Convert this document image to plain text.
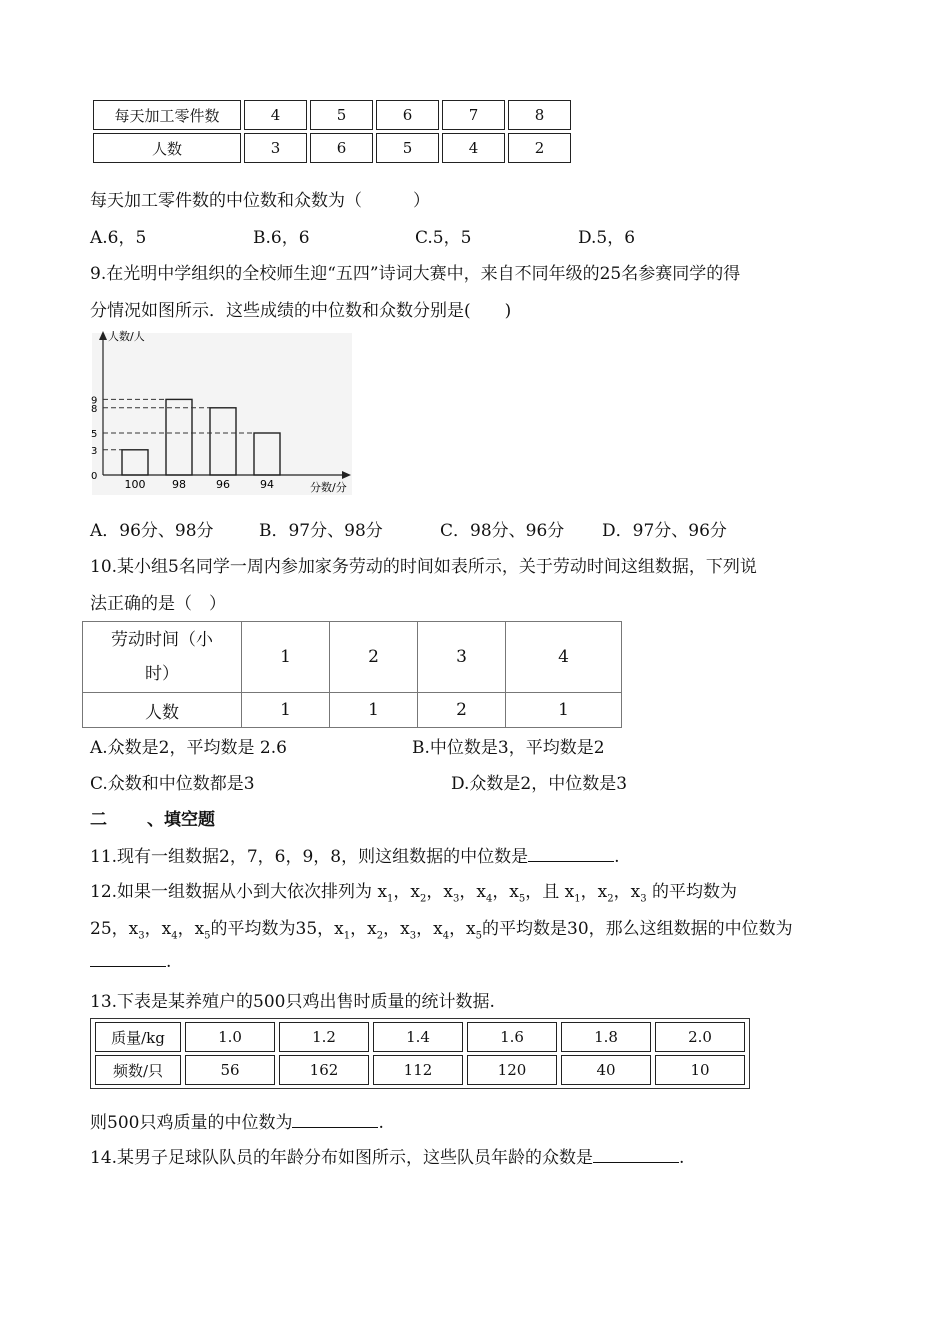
每天加工零件数	4	5	6	7	8
人数	3	6	5	4	2
每天加工零件数的中位数和众数为（　　　）
A.6，5	B.6，6	C.5，5	D.5，6
9.在光明中学组织的全校师生迎“五四”诗词大赛中，来自不同年级的25名参赛同学的得
分情况如图所示．这些成绩的中位数和众数分别是(　　)
人数/人
分数/分
0
3
5
8
9
100 98	96	94
A．96分、98分	B．97分、98分	C．98分、96分 D．97分、96分
10.某小组5名同学一周内参加家务劳动的时间如表所示，关于劳动时间这组数据，下列说
法正确的是（　）
劳动时间（小
时）	1	2	3	4
人数	1	1	2	1
A.众数是2，平均数是 2.6	B.中位数是3，平均数是2
C.众数和中位数都是3	D.众数是2，中位数是3
二 、填空题
11.现有一组数据2，7，6，9，8，则这组数据的中位数是	.
12.如果一组数据从小到大依次排列为 $x_1$，$x_2$，$x_3$，$x_4$，$x_5$，且 $x_1$，$x_2$，$x_3$ 的平均数为
25，$x_3$，$x_4$，$x_5$的平均数为35，$x_1$，$x_2$，$x_3$，$x_4$，$x_5$的平均数是30，那么这组数据的中位数为
.
13.下表是某养殖户的500只鸡出售时质量的统计数据.
质量/kg	1.0	1.2	1.4	1.6	1.8	2.0
频数/只	56	162	112	120	40	10
则500只鸡质量的中位数为	.
14.某男子足球队队员的年龄分布如图所示，这些队员年龄的众数是	.
